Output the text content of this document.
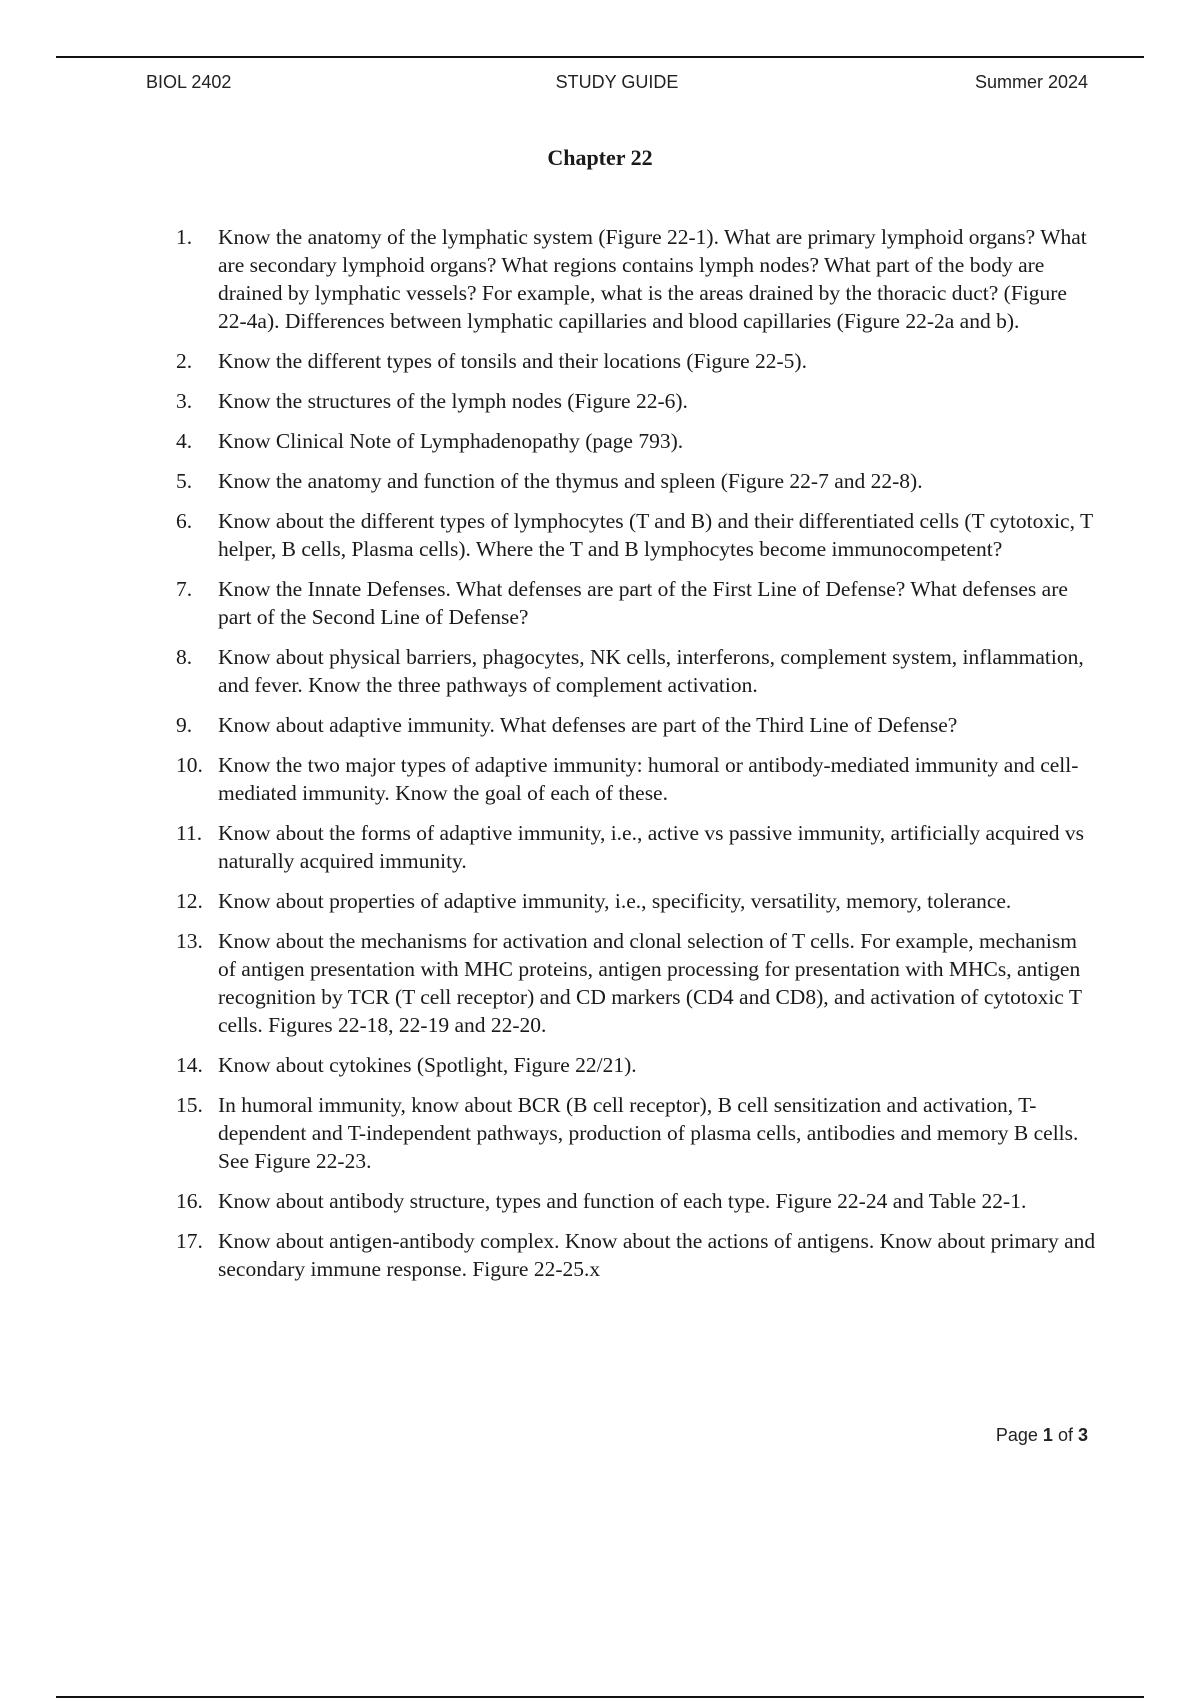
BIOL 2402	STUDY GUIDE	Summer 2024
Chapter 22
1.	Know the anatomy of the lymphatic system (Figure 22-1). What are primary lymphoid organs? What are secondary lymphoid organs? What regions contains lymph nodes? What part of the body are drained by lymphatic vessels? For example, what is the areas drained by the thoracic duct? (Figure 22-4a). Differences between lymphatic capillaries and blood capillaries (Figure 22-2a and b).
2.	Know the different types of tonsils and their locations (Figure 22-5).
3.	Know the structures of the lymph nodes (Figure 22-6).
4.	Know Clinical Note of Lymphadenopathy (page 793).
5.	Know the anatomy and function of the thymus and spleen (Figure 22-7 and 22-8).
6.	Know about the different types of lymphocytes (T and B) and their differentiated cells (T cytotoxic, T helper, B cells, Plasma cells). Where the T and B lymphocytes become immunocompetent?
7.	Know the Innate Defenses. What defenses are part of the First Line of Defense? What defenses are part of the Second Line of Defense?
8.	Know about physical barriers, phagocytes, NK cells, interferons, complement system, inflammation, and fever. Know the three pathways of complement activation.
9.	Know about adaptive immunity. What defenses are part of the Third Line of Defense?
10. Know the two major types of adaptive immunity: humoral or antibody-mediated immunity and cell-mediated immunity. Know the goal of each of these.
11. Know about the forms of adaptive immunity, i.e., active vs passive immunity, artificially acquired vs naturally acquired immunity.
12. Know about properties of adaptive immunity, i.e., specificity, versatility, memory, tolerance.
13. Know about the mechanisms for activation and clonal selection of T cells. For example, mechanism of antigen presentation with MHC proteins, antigen processing for presentation with MHCs, antigen recognition by TCR (T cell receptor) and CD markers (CD4 and CD8), and activation of cytotoxic T cells. Figures 22-18, 22-19 and 22-20.
14. Know about cytokines (Spotlight, Figure 22/21).
15. In humoral immunity, know about BCR (B cell receptor), B cell sensitization and activation, T-dependent and T-independent pathways, production of plasma cells, antibodies and memory B cells. See Figure 22-23.
16. Know about antibody structure, types and function of each type. Figure 22-24 and Table 22-1.
17. Know about antigen-antibody complex. Know about the actions of antigens. Know about primary and secondary immune response. Figure 22-25.x
Page 1 of 3
